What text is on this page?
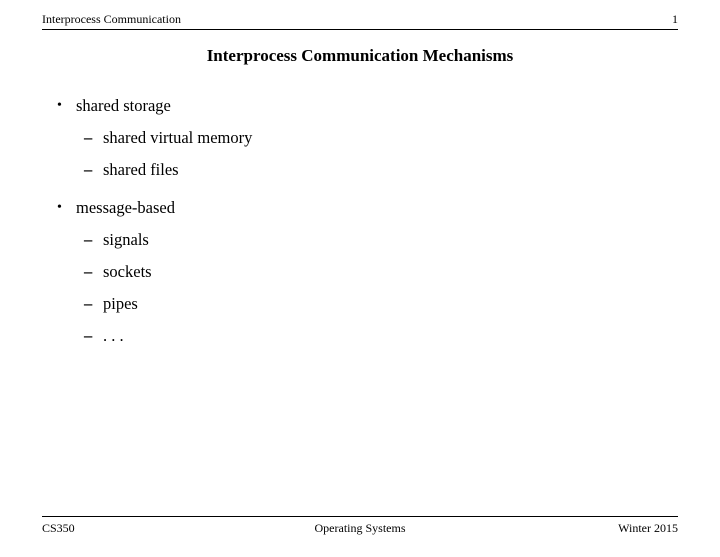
Interprocess Communication	1
Interprocess Communication Mechanisms
• shared storage
– shared virtual memory
– shared files
• message-based
– signals
– sockets
– pipes
– . . .
CS350	Operating Systems	Winter 2015
